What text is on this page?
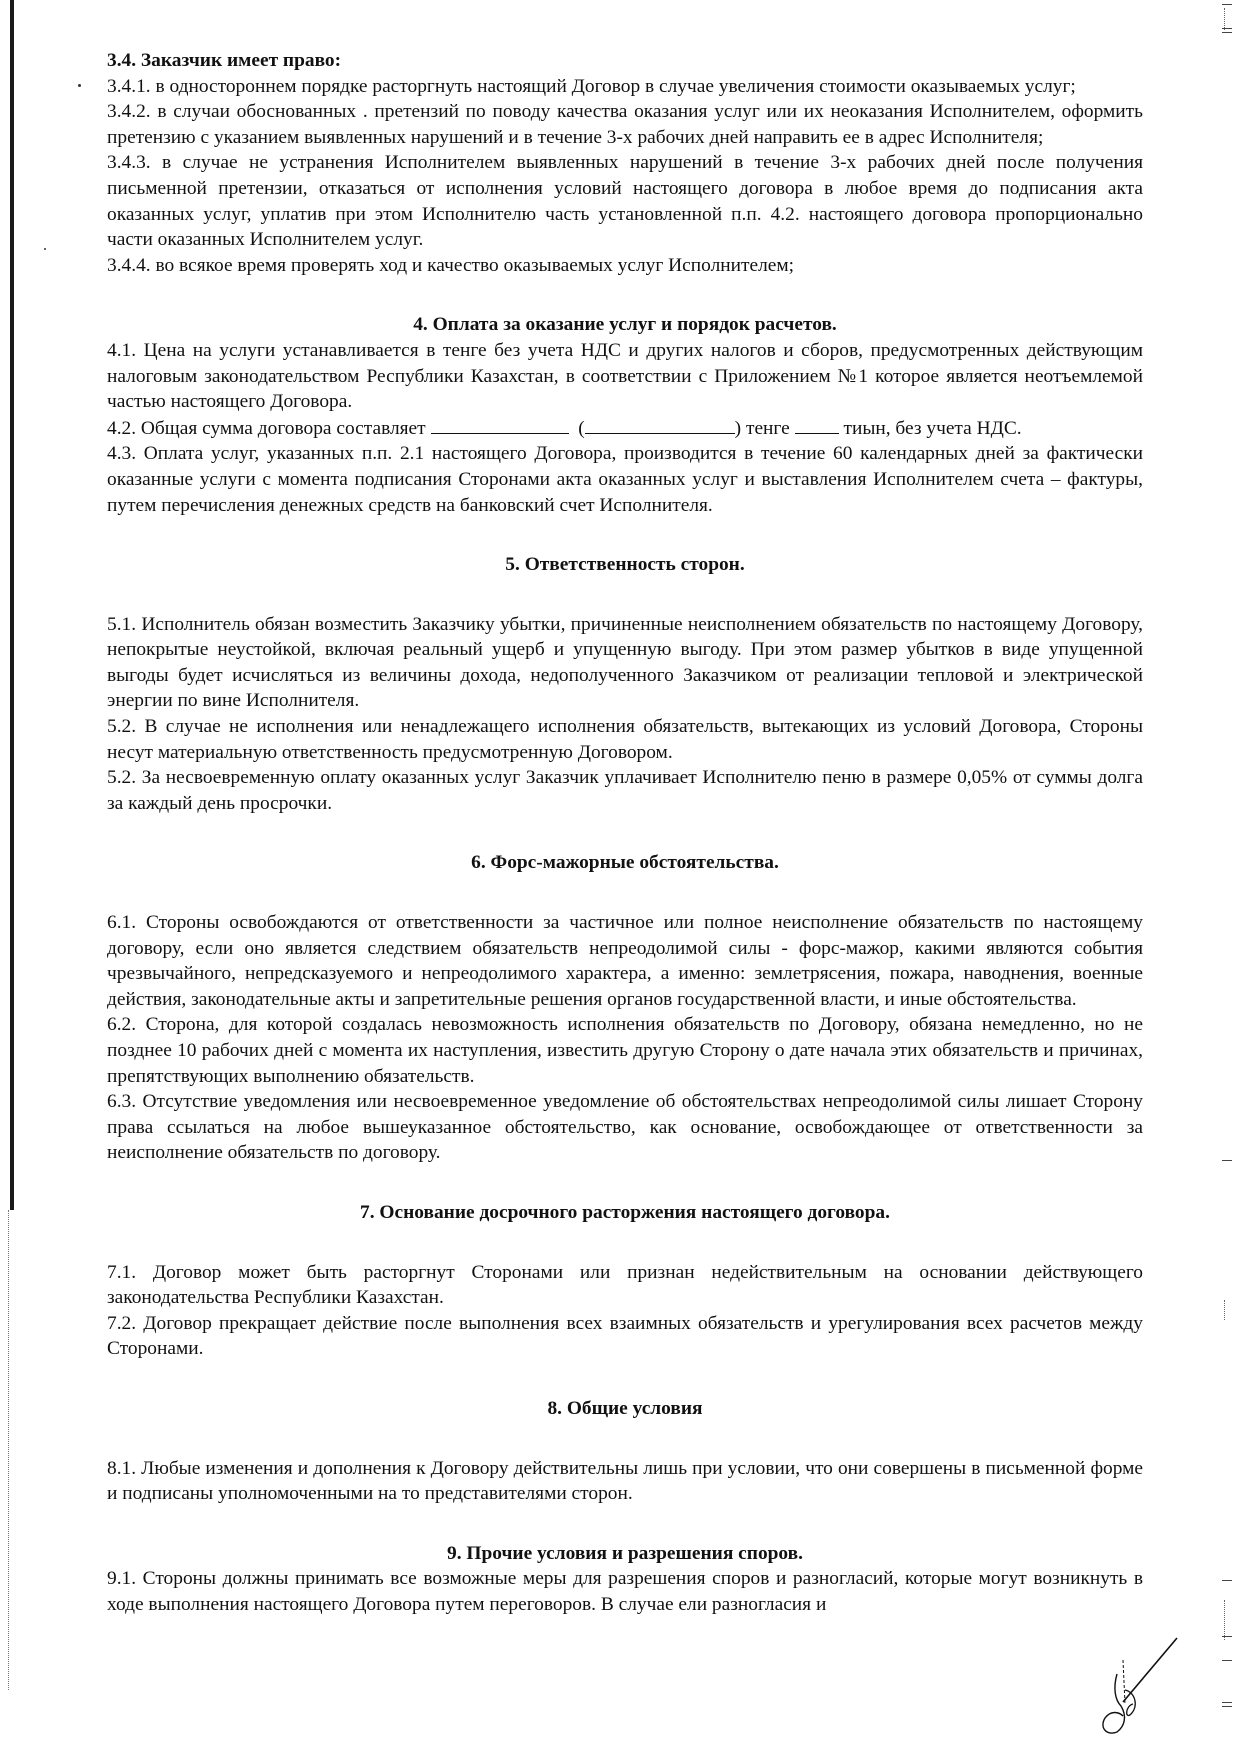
3.4. Заказчик имеет право:

3.4.1. в одностороннем порядке расторгнуть настоящий Договор в случае увеличения стоимости оказываемых услуг;

3.4.2. в случаи обоснованных . претензий по поводу качества оказания услуг или их неоказания Исполнителем, оформить претензию с указанием выявленных нарушений и в течение 3-х рабочих дней направить ее в адрес Исполнителя;

3.4.3. в случае не устранения Исполнителем выявленных нарушений в течение 3-х рабочих дней после получения письменной претензии, отказаться от исполнения условий настоящего договора в любое время до подписания акта оказанных услуг, уплатив при этом Исполнителю часть установленной п.п. 4.2. настоящего договора пропорционально части оказанных Исполнителем услуг.

3.4.4. во всякое время проверять ход и качество оказываемых услуг Исполнителем;

4. Оплата за оказание услуг и порядок расчетов.

4.1. Цена на услуги устанавливается в тенге без учета НДС и других налогов и сборов, предусмотренных действующим налоговым законодательством Республики Казахстан, в соответствии с Приложением №1 которое является неотъемлемой частью настоящего Договора.

4.2. Общая сумма договора составляет	(	) тенге	тиын, без учета НДС.

4.3. Оплата услуг, указанных п.п. 2.1 настоящего Договора, производится в течение 60 календарных дней за фактически оказанные услуги с момента подписания Сторонами акта оказанных услуг и выставления Исполнителем счета – фактуры, путем перечисления денежных средств на банковский счет Исполнителя.

5. Ответственность сторон.

5.1. Исполнитель обязан возместить Заказчику убытки, причиненные неисполнением обязательств по настоящему Договору, непокрытые неустойкой, включая реальный ущерб и упущенную выгоду. При этом размер убытков в виде упущенной выгоды будет исчисляться из величины дохода, недополученного Заказчиком от реализации тепловой и электрической энергии по вине Исполнителя.

5.2. В случае не исполнения или ненадлежащего исполнения обязательств, вытекающих из условий Договора, Стороны несут материальную ответственность предусмотренную Договором.

5.2. За несвоевременную оплату оказанных услуг Заказчик уплачивает Исполнителю пеню в размере 0,05% от суммы долга за каждый день просрочки.

6. Форс-мажорные обстоятельства.

6.1. Стороны освобождаются от ответственности за частичное или полное неисполнение обязательств по настоящему договору, если оно является следствием обязательств непреодолимой силы - форс-мажор, какими являются события чрезвычайного, непредсказуемого и непреодолимого характера, а именно: землетрясения, пожара, наводнения, военные действия, законодательные акты и запретительные решения органов государственной власти, и иные обстоятельства.

6.2. Сторона, для которой создалась невозможность исполнения обязательств по Договору, обязана немедленно, но не позднее 10 рабочих дней с момента их наступления, известить другую Сторону о дате начала этих обязательств и причинах, препятствующих выполнению обязательств.

6.3. Отсутствие уведомления или несвоевременное уведомление об обстоятельствах непреодолимой силы лишает Сторону права ссылаться на любое вышеуказанное обстоятельство, как основание, освобождающее от ответственности за неисполнение обязательств по договору.

7. Основание досрочного расторжения настоящего договора.

7.1. Договор может быть расторгнут Сторонами или признан недействительным на основании действующего законодательства Республики Казахстан.

7.2. Договор прекращает действие после выполнения всех взаимных обязательств и урегулирования всех расчетов между Сторонами.

8. Общие условия

8.1. Любые изменения и дополнения к Договору действительны лишь при условии, что они совершены в письменной форме и подписаны уполномоченными на то представителями сторон.

9. Прочие условия и разрешения споров.

9.1. Стороны должны принимать все возможные меры для разрешения споров и разногласий, которые могут возникнуть в ходе выполнения настоящего Договора путем переговоров. В случае ели разногласия и
